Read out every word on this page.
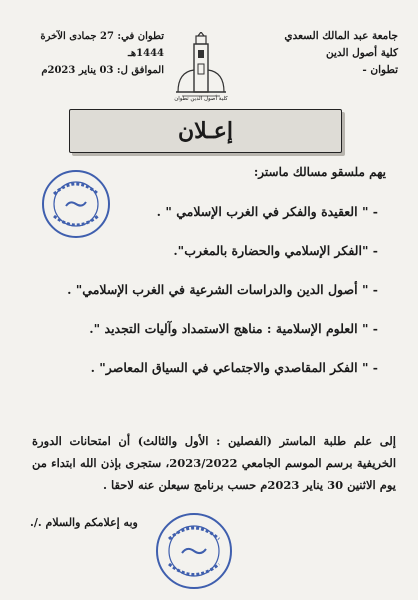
جامعة عبد المالك السعدي
كلية أصول الدين
تطوان -
تطوان في: 27 جمادى الآخرة 1444هـ
الموافق ل: 03 يناير 2023م
كلية أصول الدين تطوان
إعـلان
يهم ملسقو مسالك ماستر:
- " العقيدة والفكر في الغرب الإسلامي " .
- "الفكر الإسلامي والحضارة بالمغرب".
- " أصول الدين والدراسات الشرعية في الغرب الإسلامي" .
- " العلوم الإسلامية : مناهج الاستمداد وآليات التجديد ".
- " الفكر المقاصدي والاجتماعي في السياق المعاصر" .
إلى علم طلبة الماستر (الفصلين : الأول والثالث) أن امتحانات الدورة الخريفية برسم الموسم الجامعي 2023/2022، ستجرى بإذن الله ابتداء من يوم الاثنين 30 يناير 2023م حسب برنامج سيعلن عنه لاحقا .
وبه إعلامكم والسلام ./.
